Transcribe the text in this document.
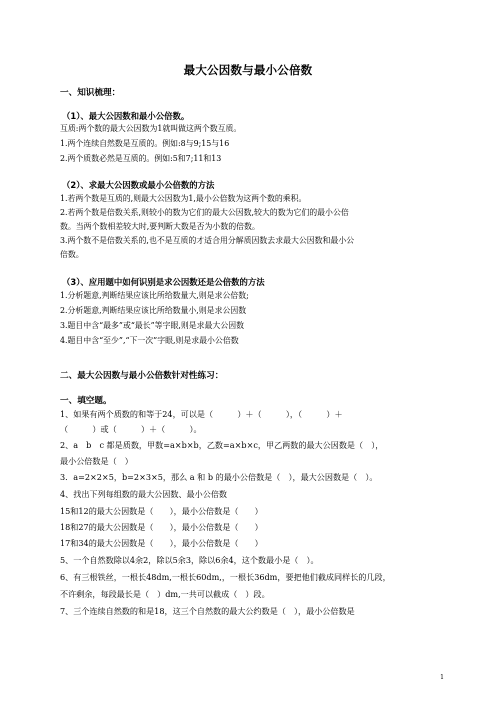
最大公因数与最小公倍数
一、知识梳理：
（1）、最大公因数和最小公倍数。
互质:两个数的最大公因数为1就叫做这两个数互质。
1.两个连续自然数是互质的。例如:8与9;15与16
2.两个质数必然是互质的。例如:5和7;11和13
（2）、求最大公因数或最小公倍数的方法
1.若两个数是互质的,则最大公因数为1,最小公倍数为这两个数的乘积。
2.若两个数是倍数关系,则较小的数为它们的最大公因数,较大的数为它们的最小公倍
数。当两个数相差较大时,要判断大数是否为小数的倍数。
3.两个数不是倍数关系的,也不是互质的才适合用分解质因数去求最大公因数和最小公
倍数。
（3）、应用题中如何识别是求公因数还是公倍数的方法
1.分析题意,判断结果应该比所给数量大,则是求公倍数;
2.分析题意,判断结果应该比所给数量小,则是求公因数
3.题目中含“最多”或“最长”等字眼,则是求最大公因数
4.题目中含“至少”,“下一次”字眼,则是求最小公倍数
二、最大公因数与最小公倍数针对性练习：
一、填空题。
1、如果有两个质数的和等于24，可以是（　　　）＋（　　　），（　　　）＋
（　　　）或（　　　）＋（　　　）。
2、a　b　c 都是质数，甲数=a×b×b，乙数=a×b×c，甲乙两数的最大公因数是（　），
最小公倍数是（　）
3．a=2×2×5，b=2×3×5，那么 a 和 b 的最小公倍数是（　），最大公因数是（　）。
4、找出下列每组数的最大公因数、最小公倍数
15和12的最大公因数是（　　），最小公倍数是（　　）
18和27的最大公因数是（　　），最小公倍数是（　　）
17和34的最大公因数是（　　），最小公倍数是（　　）
5、一个自然数除以4余2，除以5余3，除以6余4，这个数最小是（　）。
6、有三根铁丝，一根长48dm,一根长60dm,，一根长36dm，要把他们截成同样长的几段，
不许剩余，每段最长是（　）dm,一共可以截成（　）段。
7、三个连续自然数的和是18，这三个自然数的最大公约数是（　），最小公倍数是
1
